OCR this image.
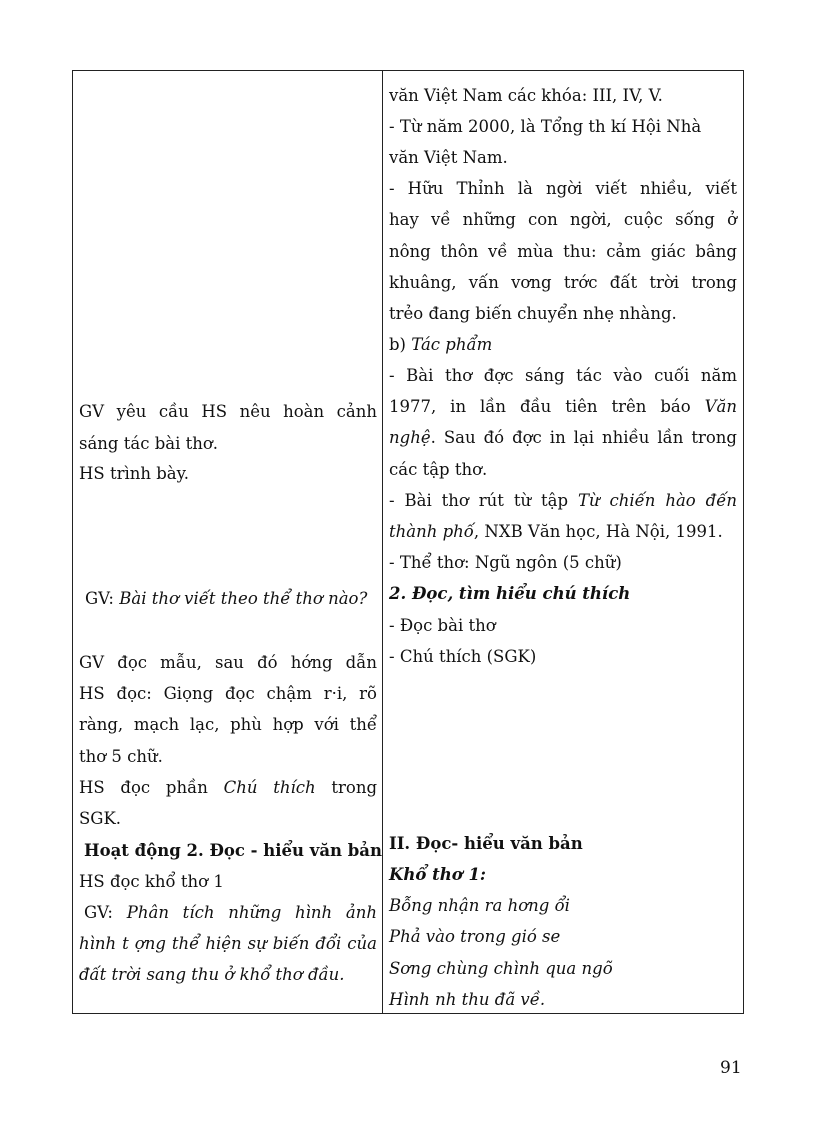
GV yêu cầu HS nêu hoàn cảnh
sáng tác bài thơ.
HS trình bày.
GV: Bài thơ viết theo thể thơ nào?
GV đọc mẫu, sau đó hớng dẫn
HS đọc: Giọng đọc chậm r·i, rõ
ràng, mạch lạc, phù hợp với thể
thơ 5 chữ.
HS đọc phần Chú thích trong
SGK.
Hoạt động 2. Đọc - hiểu văn bản
HS đọc khổ thơ 1
GV: Phân tích những hình ảnh
hình t ợng thể hiện sự biến đổi của
đất trời sang thu ở khổ thơ đầu.
văn Việt Nam các khóa: III, IV, V.
- Từ năm 2000, là Tổng th kí Hội Nhà
văn Việt Nam.
- Hữu Thỉnh là ngời viết nhiều, viết
hay về những con ngời, cuộc sống ở
nông thôn về mùa thu: cảm giác bâng
khuâng, vấn vơng trớc đất trời trong
trẻo đang biến chuyển nhẹ nhàng.
b) Tác phẩm
- Bài thơ đợc sáng tác vào cuối năm
1977, in lần đầu tiên trên báo Văn
nghệ. Sau đó đợc in lại nhiều lần trong
các tập thơ.
- Bài thơ rút từ tập Từ chiến hào đến
thành phố, NXB Văn học, Hà Nội, 1991.
- Thể thơ: Ngũ ngôn (5 chữ)
2. Đọc, tìm hiểu chú thích
- Đọc bài thơ
- Chú thích (SGK)
II. Đọc- hiểu văn bản
Khổ thơ 1:
Bỗng nhận ra hơng ổi
Phả vào trong gió se
Sơng chùng chình qua ngõ
Hình nh thu đã về.
91
